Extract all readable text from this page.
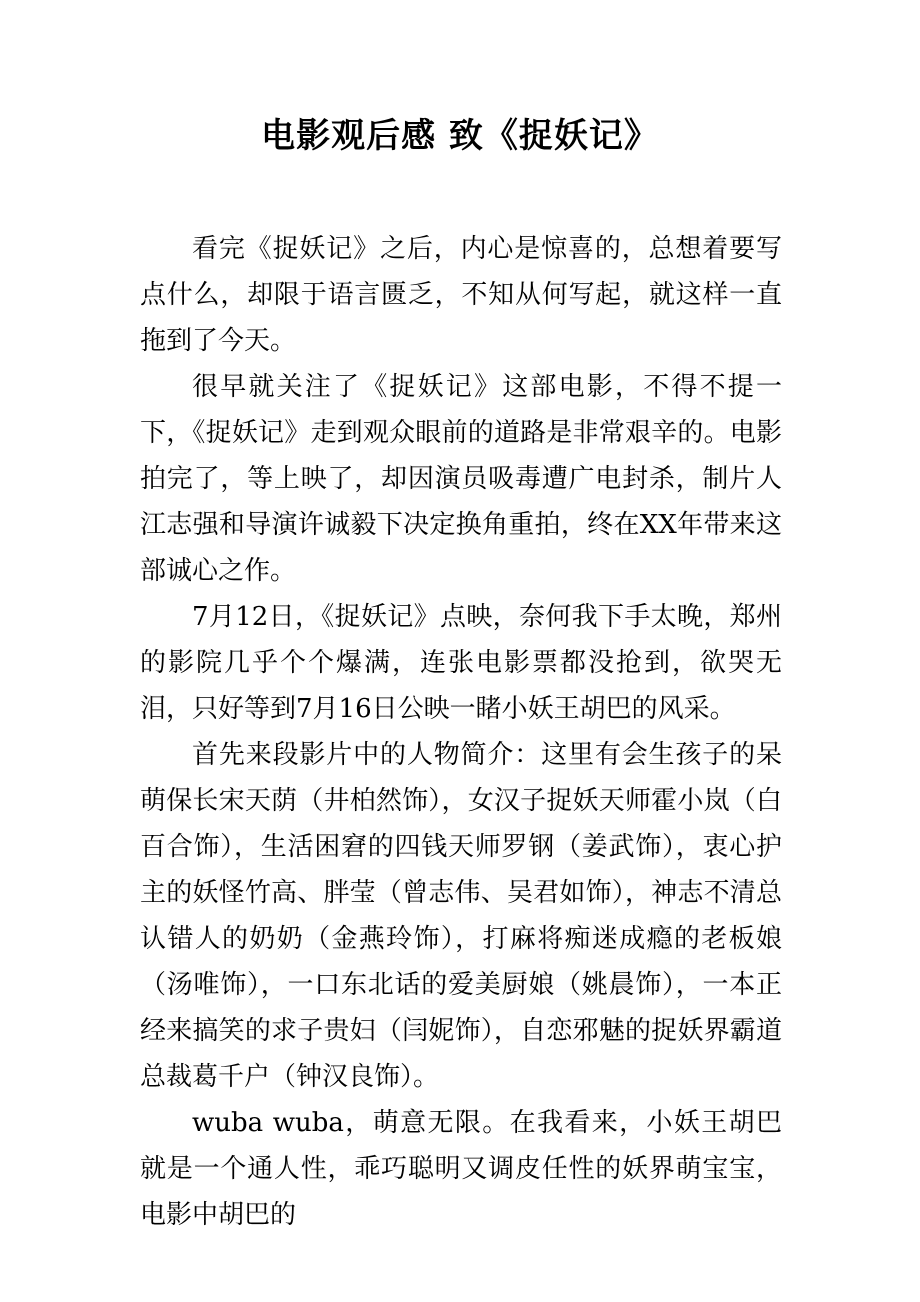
电影观后感 致《捉妖记》

看完《捉妖记》之后，内心是惊喜的，总想着要写点什么，却限于语言匮乏，不知从何写起，就这样一直拖到了今天。

很早就关注了《捉妖记》这部电影，不得不提一下，《捉妖记》走到观众眼前的道路是非常艰辛的。电影拍完了，等上映了，却因演员吸毒遭广电封杀，制片人江志强和导演许诚毅下决定换角重拍，终在XX年带来这部诚心之作。

7月12日，《捉妖记》点映，奈何我下手太晚，郑州的影院几乎个个爆满，连张电影票都没抢到，欲哭无泪，只好等到7月16日公映一睹小妖王胡巴的风采。

首先来段影片中的人物简介：这里有会生孩子的呆萌保长宋天荫（井柏然饰），女汉子捉妖天师霍小岚（白百合饰），生活困窘的四钱天师罗钢（姜武饰），衷心护主的妖怪竹高、胖莹（曾志伟、吴君如饰），神志不清总认错人的奶奶（金燕玲饰），打麻将痴迷成瘾的老板娘（汤唯饰），一口东北话的爱美厨娘（姚晨饰），一本正经来搞笑的求子贵妇（闫妮饰），自恋邪魅的捉妖界霸道总裁葛千户（钟汉良饰）。

wuba wuba，萌意无限。在我看来，小妖王胡巴就是一个通人性，乖巧聪明又调皮任性的妖界萌宝宝，电影中胡巴的
